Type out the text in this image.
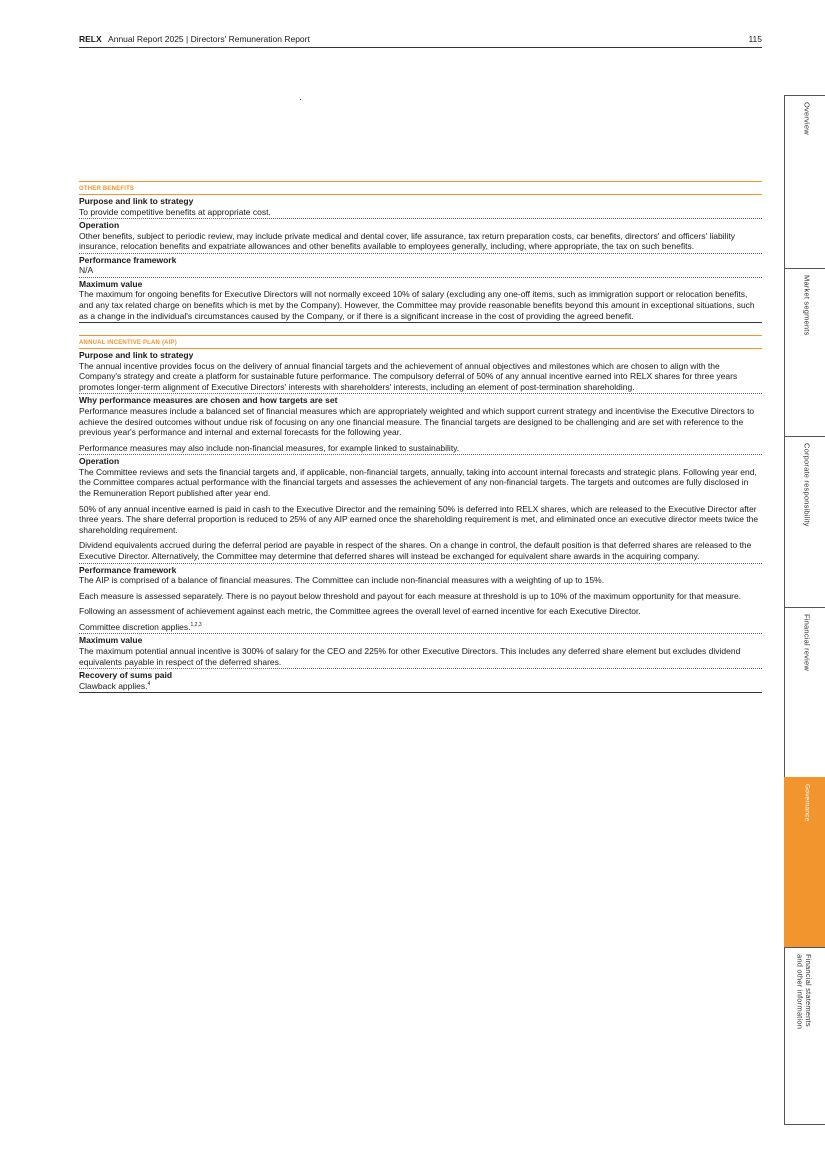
RELX Annual Report 2025 | Directors' Remuneration Report	115
OTHER BENEFITS
Purpose and link to strategy

To provide competitive benefits at appropriate cost.

Operation

Other benefits, subject to periodic review, may include private medical and dental cover, life assurance, tax return preparation costs, car benefits, directors' and officers' liability insurance, relocation benefits and expatriate allowances and other benefits available to employees generally, including, where appropriate, the tax on such benefits.

Performance framework

N/A

Maximum value

The maximum for ongoing benefits for Executive Directors will not normally exceed 10% of salary (excluding any one-off items, such as immigration support or relocation benefits, and any tax related charge on benefits which is met by the Company). However, the Committee may provide reasonable benefits beyond this amount in exceptional situations, such as a change in the individual's circumstances caused by the Company, or if there is a significant increase in the cost of providing the agreed benefit.

ANNUAL INCENTIVE PLAN (AIP)
Purpose and link to strategy

The annual incentive provides focus on the delivery of annual financial targets and the achievement of annual objectives and milestones which are chosen to align with the Company's strategy and create a platform for sustainable future performance. The compulsory deferral of 50% of any annual incentive earned into RELX shares for three years promotes longer-term alignment of Executive Directors' interests with shareholders' interests, including an element of post-termination shareholding.

Why performance measures are chosen and how targets are set

Performance measures include a balanced set of financial measures which are appropriately weighted and which support current strategy and incentivise the Executive Directors to achieve the desired outcomes without undue risk of focusing on any one financial measure. The financial targets are designed to be challenging and are set with reference to the previous year's performance and internal and external forecasts for the following year.

Performance measures may also include non-financial measures, for example linked to sustainability.

Operation

The Committee reviews and sets the financial targets and, if applicable, non-financial targets, annually, taking into account internal forecasts and strategic plans. Following year end, the Committee compares actual performance with the financial targets and assesses the achievement of any non-financial targets. The targets and outcomes are fully disclosed in the Remuneration Report published after year end.

50% of any annual incentive earned is paid in cash to the Executive Director and the remaining 50% is deferred into RELX shares, which are released to the Executive Director after three years. The share deferral proportion is reduced to 25% of any AIP earned once the shareholding requirement is met, and eliminated once an executive director meets twice the shareholding requirement.

Dividend equivalents accrued during the deferral period are payable in respect of the shares. On a change in control, the default position is that deferred shares are released to the Executive Director. Alternatively, the Committee may determine that deferred shares will instead be exchanged for equivalent share awards in the acquiring company.

Performance framework

The AIP is comprised of a balance of financial measures. The Committee can include non-financial measures with a weighting of up to 15%.

Each measure is assessed separately. There is no payout below threshold and payout for each measure at threshold is up to 10% of the maximum opportunity for that measure.

Following an assessment of achievement against each metric, the Committee agrees the overall level of earned incentive for each Executive Director.

Committee discretion applies.$^{1,2,3}$

Maximum value

The maximum potential annual incentive is 300% of salary for the CEO and 225% for other Executive Directors. This includes any deferred share element but excludes dividend equivalents payable in respect of the deferred shares.

Recovery of sums paid

Clawback applies.$^4$

Overview
Market segments
Corporate responsibility
Financial review
Governance
Financial statements
and other information
